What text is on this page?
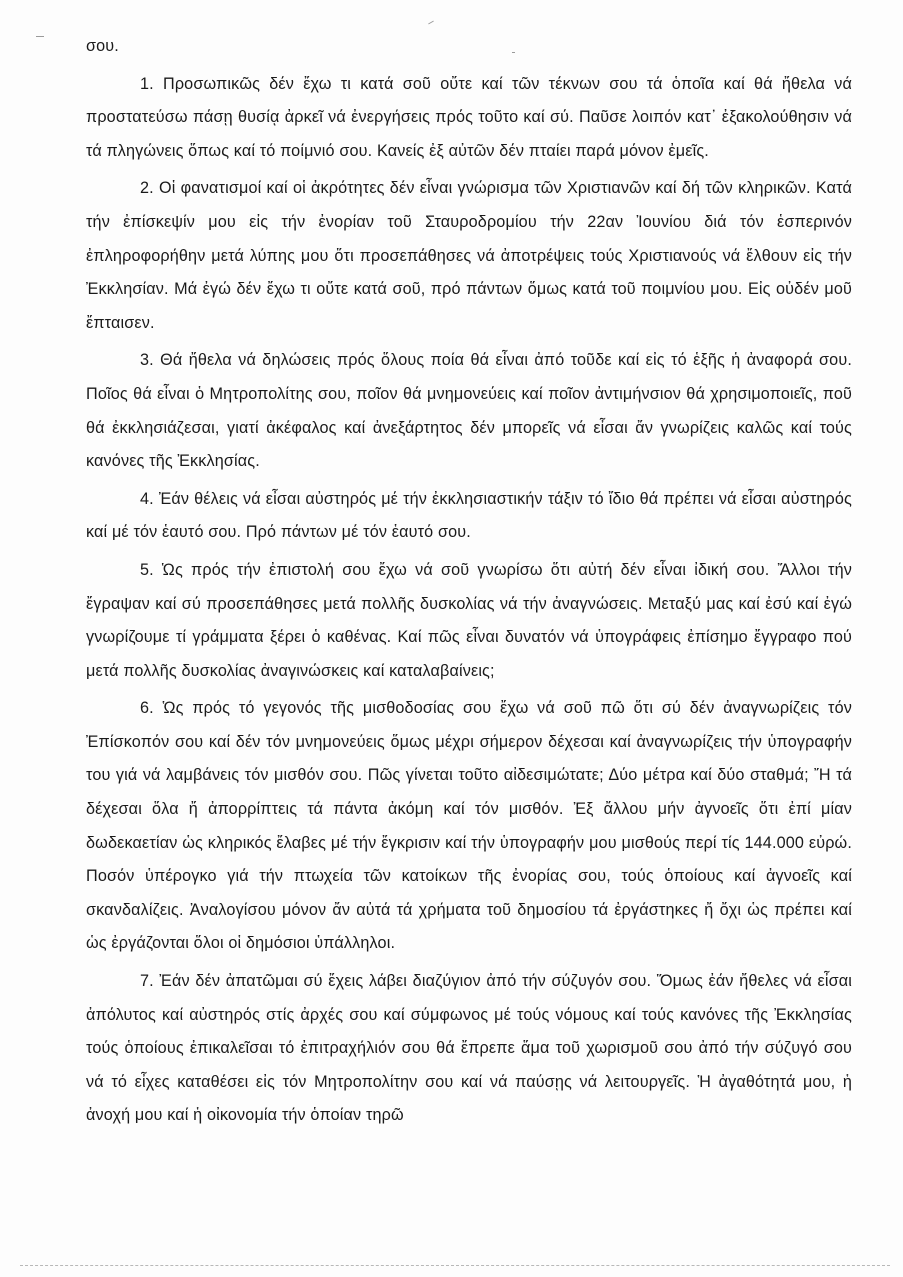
σου.

1. Προσωπικῶς δέν ἔχω τι κατά σοῦ οὔτε καί τῶν τέκνων σου τά ὁποῖα καί θά ἤθελα νά προστατεύσω πάσῃ θυσίᾳ ἀρκεῖ νά ἐνεργήσεις πρός τοῦτο καί σύ. Παῦσε λοιπόν κατ᾽ ἐξακολούθησιν νά τά πληγώνεις ὅπως καί τό ποίμνιό σου. Κανείς ἐξ αὐτῶν δέν πταίει παρά μόνον ἐμεῖς.

2. Οἱ φανατισμοί καί οἱ ἀκρότητες δέν εἶναι γνώρισμα τῶν Χριστιανῶν καί δή τῶν κληρικῶν. Κατά τήν ἐπίσκεψίν μου εἰς τήν ἐνορίαν τοῦ Σταυροδρομίου τήν 22αν Ἰουνίου διά τόν ἑσπερινόν ἐπληροφορήθην μετά λύπης μου ὅτι προσεπάθησες νά ἀποτρέψεις τούς Χριστιανούς νά ἔλθουν εἰς τήν Ἐκκλησίαν. Μά ἐγώ δέν ἔχω τι οὔτε κατά σοῦ, πρό πάντων ὅμως κατά τοῦ ποιμνίου μου. Εἰς οὐδέν μοῦ ἔπταισεν.

3. Θά ἤθελα νά δηλώσεις πρός ὅλους ποία θά εἶναι ἀπό τοῦδε καί εἰς τό ἑξῆς ἡ ἀναφορά σου. Ποῖος θά εἶναι ὁ Μητροπολίτης σου, ποῖον θά μνημονεύεις καί ποῖον ἀντιμήνσιον θά χρησιμοποιεῖς, ποῦ θά ἐκκλησιάζεσαι, γιατί ἀκέφαλος καί ἀνεξάρτητος δέν μπορεῖς νά εἶσαι ἄν γνωρίζεις καλῶς καί τούς κανόνες τῆς Ἐκκλησίας.

4. Ἐάν θέλεις νά εἶσαι αὐστηρός μέ τήν ἐκκλησιαστικήν τάξιν τό ἴδιο θά πρέπει νά εἶσαι αὐστηρός καί μέ τόν ἑαυτό σου. Πρό πάντων μέ τόν ἑαυτό σου.

5. Ὡς πρός τήν ἐπιστολή σου ἔχω νά σοῦ γνωρίσω ὅτι αὐτή δέν εἶναι ἰδική σου. Ἄλλοι τήν ἔγραψαν καί σύ προσεπάθησες μετά πολλῆς δυσκολίας νά τήν ἀναγνώσεις. Μεταξύ μας καί ἐσύ καί ἐγώ γνωρίζουμε τί γράμματα ξέρει ὁ καθένας. Καί πῶς εἶναι δυνατόν νά ὑπογράφεις ἐπίσημο ἔγγραφο πού μετά πολλῆς δυσκολίας ἀναγινώσκεις καί καταλαβαίνεις;

6. Ὡς πρός τό γεγονός τῆς μισθοδοσίας σου ἔχω νά σοῦ πῶ ὅτι σύ δέν ἀναγνωρίζεις τόν Ἐπίσκοπόν σου καί δέν τόν μνημονεύεις ὅμως μέχρι σήμερον δέχεσαι καί ἀναγνωρίζεις τήν ὑπογραφήν του γιά νά λαμβάνεις τόν μισθόν σου. Πῶς γίνεται τοῦτο αἰδεσιμώτατε; Δύο μέτρα καί δύο σταθμά; Ἤ τά δέχεσαι ὅλα ἤ ἀπορρίπτεις τά πάντα ἀκόμη καί τόν μισθόν. Ἐξ ἄλλου μήν ἀγνοεῖς ὅτι ἐπί μίαν δωδεκαετίαν ὡς κληρικός ἔλαβες μέ τήν ἔγκρισιν καί τήν ὑπογραφήν μου μισθούς περί τίς 144.000 εὐρώ. Ποσόν ὑπέρογκο γιά τήν πτωχεία τῶν κατοίκων τῆς ἐνορίας σου, τούς ὁποίους καί ἀγνοεῖς καί σκανδαλίζεις. Ἀναλογίσου μόνον ἄν αὐτά τά χρήματα τοῦ δημοσίου τά ἐργάστηκες ἤ ὄχι ὡς πρέπει καί ὡς ἐργάζονται ὅλοι οἱ δημόσιοι ὑπάλληλοι.

7. Ἐάν δέν ἀπατῶμαι σύ ἔχεις λάβει διαζύγιον ἀπό τήν σύζυγόν σου. Ὅμως ἐάν ἤθελες νά εἶσαι ἀπόλυτος καί αὐστηρός στίς ἀρχές σου καί σύμφωνος μέ τούς νόμους καί τούς κανόνες τῆς Ἐκκλησίας τούς ὁποίους ἐπικαλεῖσαι τό ἐπιτραχήλιόν σου θά ἔπρεπε ἅμα τοῦ χωρισμοῦ σου ἀπό τήν σύζυγό σου νά τό εἶχες καταθέσει εἰς τόν Μητροπολίτην σου καί νά παύσῃς νά λειτουργεῖς. Ἡ ἀγαθότητά μου, ἡ ἀνοχή μου καί ἡ οἰκονομία τήν ὁποίαν τηρῶ
